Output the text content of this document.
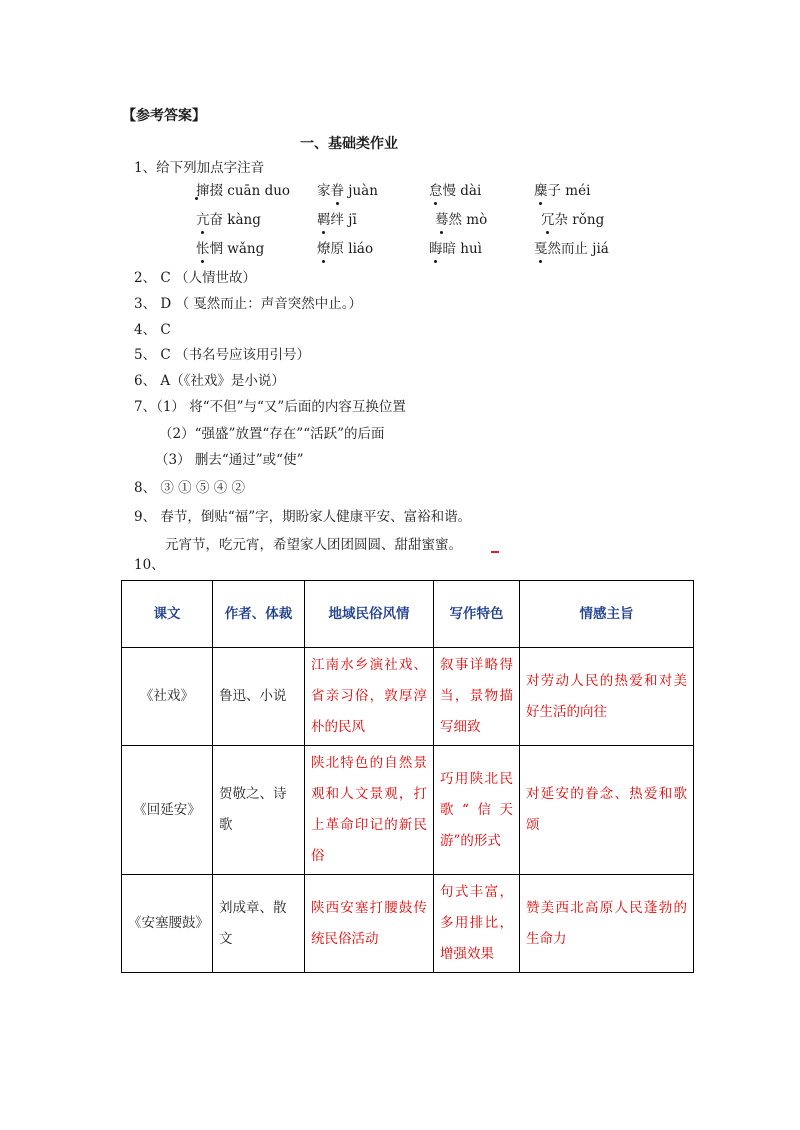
【参考答案】
一、基础类作业
1、给下列加点字注音
撺掇 cuān duo 家眷 juàn	怠慢 dài	麋子 méi
亢奋 kàng	羁绊 jī	蓦然 mò	冗杂 rǒng
怅惘 wǎng	燎原 liáo	晦暗 huì	戛然而止 jiá
2、 C （人情世故）
3、 D （ 戛然而止：声音突然中止。）
4、 C
5、 C （书名号应该用引号）
6、 A（《社戏》是小说）
7、（1） 将“不但”与“又”后面的内容互换位置
（2）“强盛”放置“存在”“活跃”的后面
（3） 删去“通过”或“使”
8、 ③ ① ⑤ ④ ②
9、 春节，倒贴“福”字，期盼家人健康平安、富裕和谐。
元宵节，吃元宵，希望家人团团圆圆、甜甜蜜蜜。
10、
课文	作者、体裁	地域民俗风情	写作特色	情感主旨
《社戏》	鲁迅、小说	江南水乡演社戏、省亲习俗，敦厚淳朴的民风	叙事详略得当，景物描写细致	对劳动人民的热爱和对美好生活的向往
《回延安》	贺敬之、诗歌	陕北特色的自然景观和人文景观，打上革命印记的新民俗	巧用陕北民歌“信天游”的形式	对延安的眷念、热爱和歌颂
《安塞腰鼓》	刘成章、散文	陕西安塞打腰鼓传统民俗活动	句式丰富，多用排比，增强效果	赞美西北高原人民蓬勃的生命力
